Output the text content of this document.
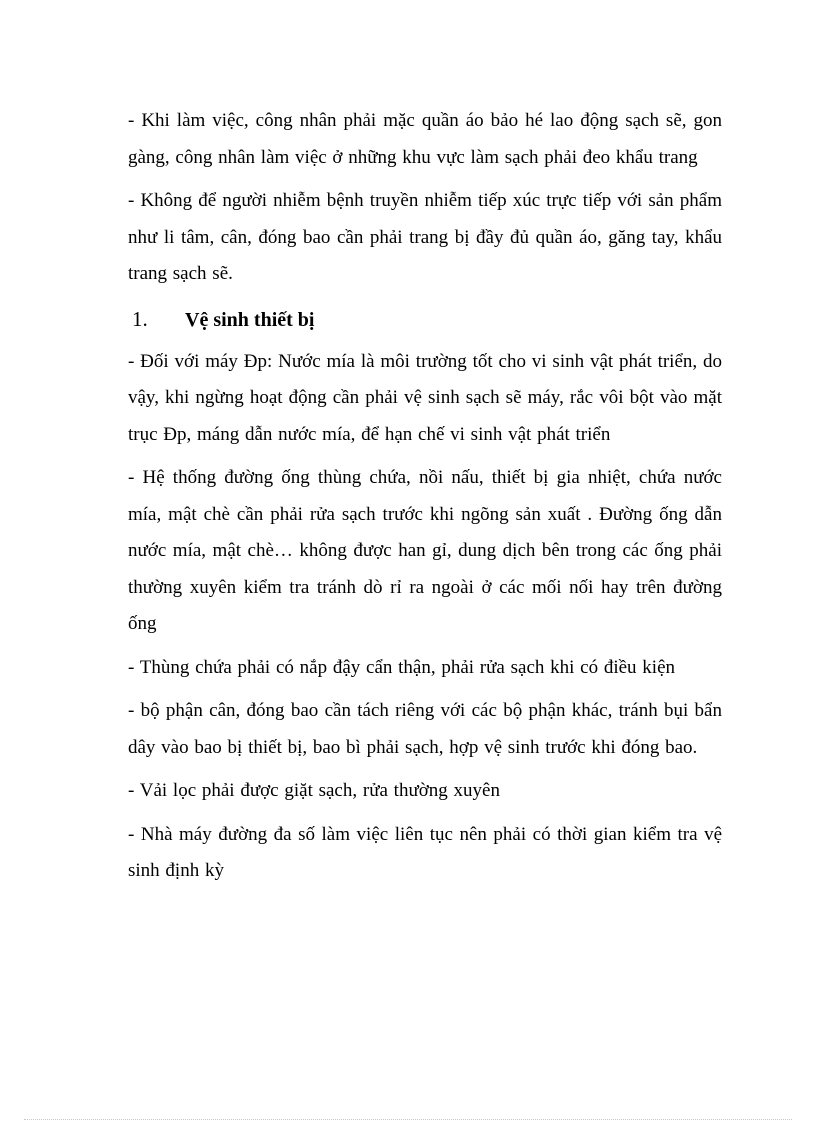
- Khi làm việc, công nhân phải mặc quần áo bảo hé lao động sạch sẽ, gon gàng, công nhân làm việc ở những khu vực làm sạch phải đeo khẩu trang

- Không để người nhiễm bệnh truyền nhiễm tiếp xúc trực tiếp với sản phẩm như li tâm, cân, đóng bao cần phải trang bị đầy đủ quần áo, găng tay, khẩu trang sạch sẽ.

1.	Vệ sinh thiết bị

- Đối với máy Đp: Nước mía là môi trường tốt cho vi sinh vật phát triển, do vậy, khi ngừng hoạt động cần phải vệ sinh sạch sẽ máy, rắc vôi bột vào mặt trục Đp, máng dẫn nước mía, để hạn chế vi sinh vật phát triển

- Hệ thống đường ống thùng chứa, nồi nấu, thiết bị gia nhiệt, chứa nước mía, mật chè cần phải rửa sạch trước khi ngõng sản xuất . Đường ống dẫn nước mía, mật chè… không được han gỉ, dung dịch bên trong các ống phải thường xuyên kiểm tra tránh dò rỉ ra ngoài ở các mối nối hay trên đường ống

- Thùng chứa phải có nắp đậy cẩn thận, phải rửa sạch khi có điều kiện

- bộ phận cân, đóng bao cần tách riêng với các bộ phận khác, tránh bụi bẩn dây vào bao bị thiết bị, bao bì phải sạch, hợp vệ sinh trước khi đóng bao.

- Vải lọc phải được giặt sạch, rửa thường xuyên

- Nhà máy đường đa số làm việc liên tục nên phải có thời gian kiểm tra vệ sinh định kỳ
